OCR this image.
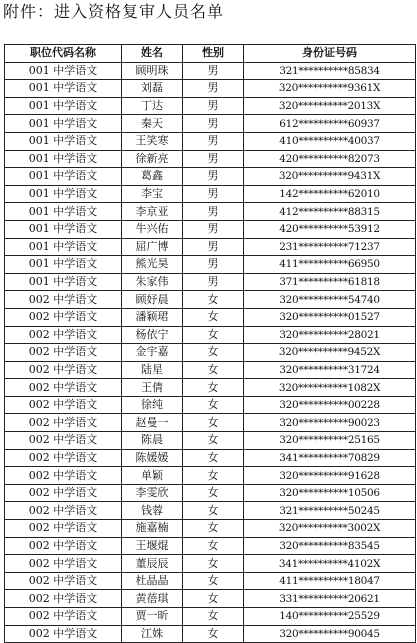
附件：进入资格复审人员名单
职位代码名称	姓名	性别	身份证号码
001 中学语文	顾明珠	男	321**********85834
001 中学语文	刘磊	男	320**********9361X
001 中学语文	丁达	男	320**********2013X
001 中学语文	秦天	男	612**********60937
001 中学语文	王笑寒	男	410**********40037
001 中学语文	徐新亮	男	420**********82073
001 中学语文	葛鑫	男	320**********9431X
001 中学语文	李宝	男	142**********62010
001 中学语文	李京亚	男	412**********88315
001 中学语文	牛兴佑	男	420**********53912
001 中学语文	屈广博	男	231**********71237
001 中学语文	熊光昊	男	411**********66950
001 中学语文	朱家伟	男	371**********61818
002 中学语文	顾妤晨	女	320**********54740
002 中学语文	潘颖珺	女	320**********01527
002 中学语文	杨依宁	女	320**********28021
002 中学语文	金宇嘉	女	320**********9452X
002 中学语文	陆星	女	320**********31724
002 中学语文	王倩	女	320**********1082X
002 中学语文	徐纯	女	320**********00228
002 中学语文	赵曼一	女	320**********90023
002 中学语文	陈晨	女	320**********25165
002 中学语文	陈媛媛	女	341**********70829
002 中学语文	单颖	女	320**********91628
002 中学语文	李雯欣	女	320**********10506
002 中学语文	钱蓉	女	321**********50245
002 中学语文	施嘉楠	女	320**********3002X
002 中学语文	王堰焜	女	320**********83545
002 中学语文	董辰辰	女	341**********4102X
002 中学语文	杜晶晶	女	411**********18047
002 中学语文	黄蓓琪	女	331**********20621
002 中学语文	贾一昕	女	140**********25529
002 中学语文	江姝	女	320**********90045
